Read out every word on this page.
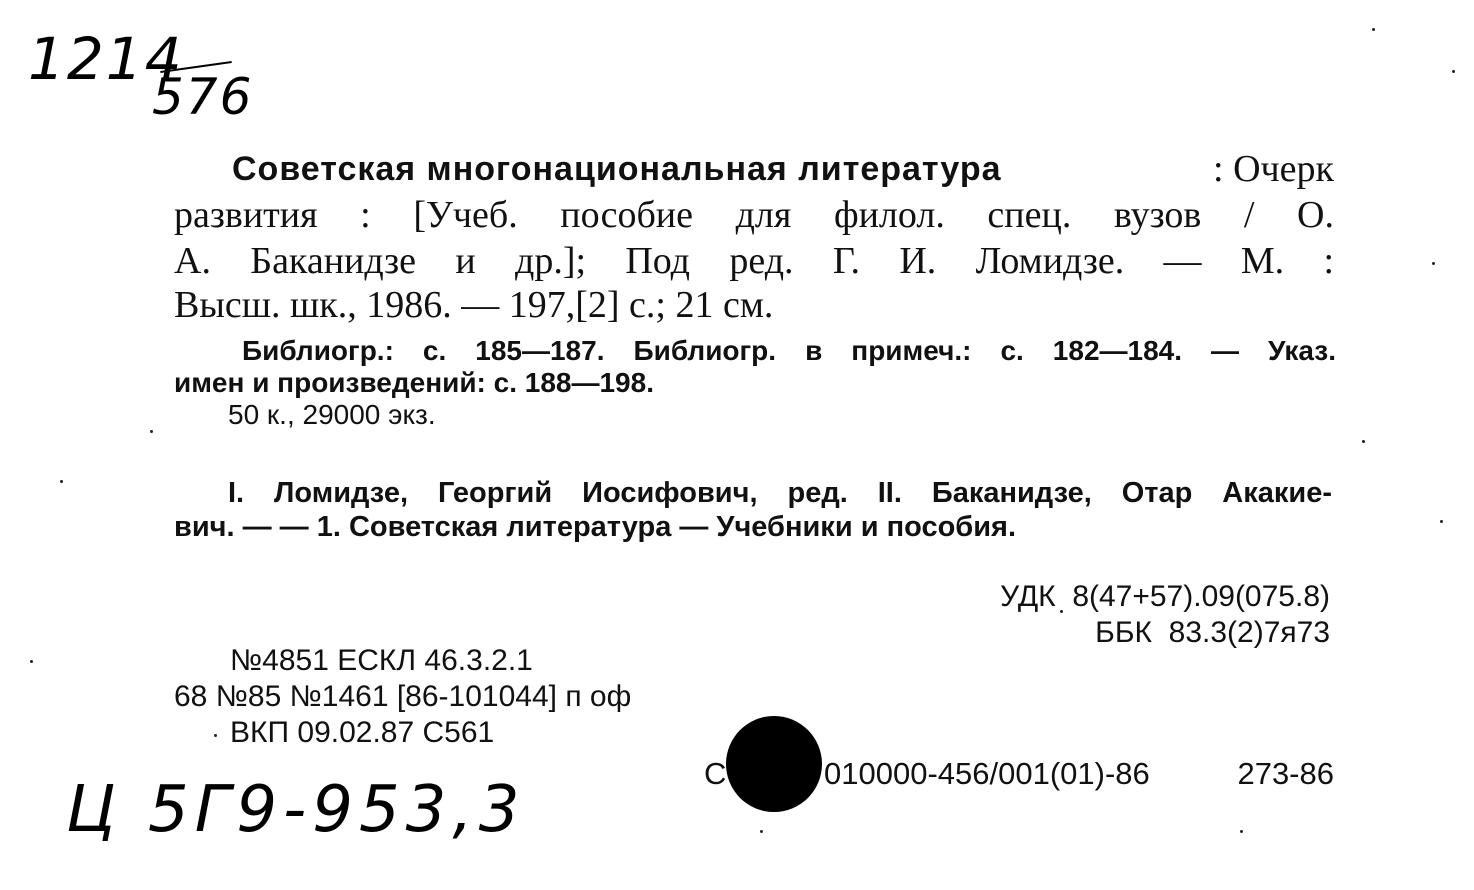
1214
576
Советская многонациональная литература	: Очерк
развития : [Учеб. пособие для филол. спец. вузов / О.
А. Баканидзе и др.]; Под ред. Г. И. Ломидзе. — М. :
Высш. шк., 1986. — 197,[2] с.; 21 см.
Библиогр.: с. 185—187. Библиогр. в примеч.: с. 182—184. — Указ.
имен и произведений: с. 188—198.
50 к., 29000 экз.
I. Ломидзе, Георгий Иосифович, ред. II. Баканидзе, Отар Акакие-
вич. — — 1. Советская литература — Учебники и пособия.
УДК  8(47+57).09(075.8)
ББК  83.3(2)7я73
№4851 ЕСКЛ 46.3.2.1
68 №85 №1461 [86-101044] п оф
ВКП 09.02.87 С561
С	010000-456/001(01)-86 273-86
Ц 5Г9-953,3
